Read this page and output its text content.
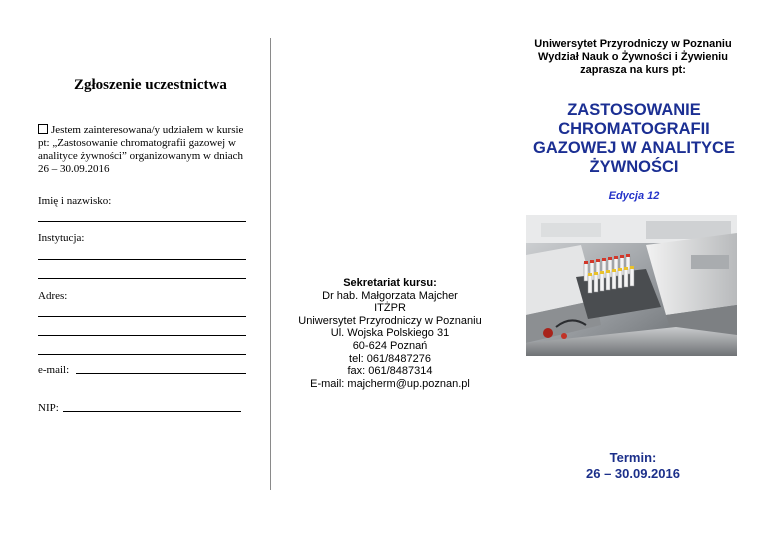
Zgłoszenie uczestnictwa
Jestem zainteresowana/y udziałem w kursie pt: „Zastosowanie chromatografii gazowej w analityce żywności” organizowanym w dniach 26 – 30.09.2016
Imię i nazwisko:
Instytucja:
Adres:
e-mail:
NIP:
Sekretariat kursu:
Dr hab. Małgorzata Majcher
ITŻPR
Uniwersytet Przyrodniczy w Poznaniu
Ul. Wojska Polskiego 31
60-624 Poznań
tel: 061/8487276
fax: 061/8487314
E-mail: majcherm@up.poznan.pl
Uniwersytet Przyrodniczy w Poznaniu
Wydział Nauk o Żywności i Żywieniu
zaprasza na kurs pt:
ZASTOSOWANIE
CHROMATOGRAFII
GAZOWEJ W ANALITYCE
ŻYWNOŚCI
Edycja 12
Termin:
26 – 30.09.2016
